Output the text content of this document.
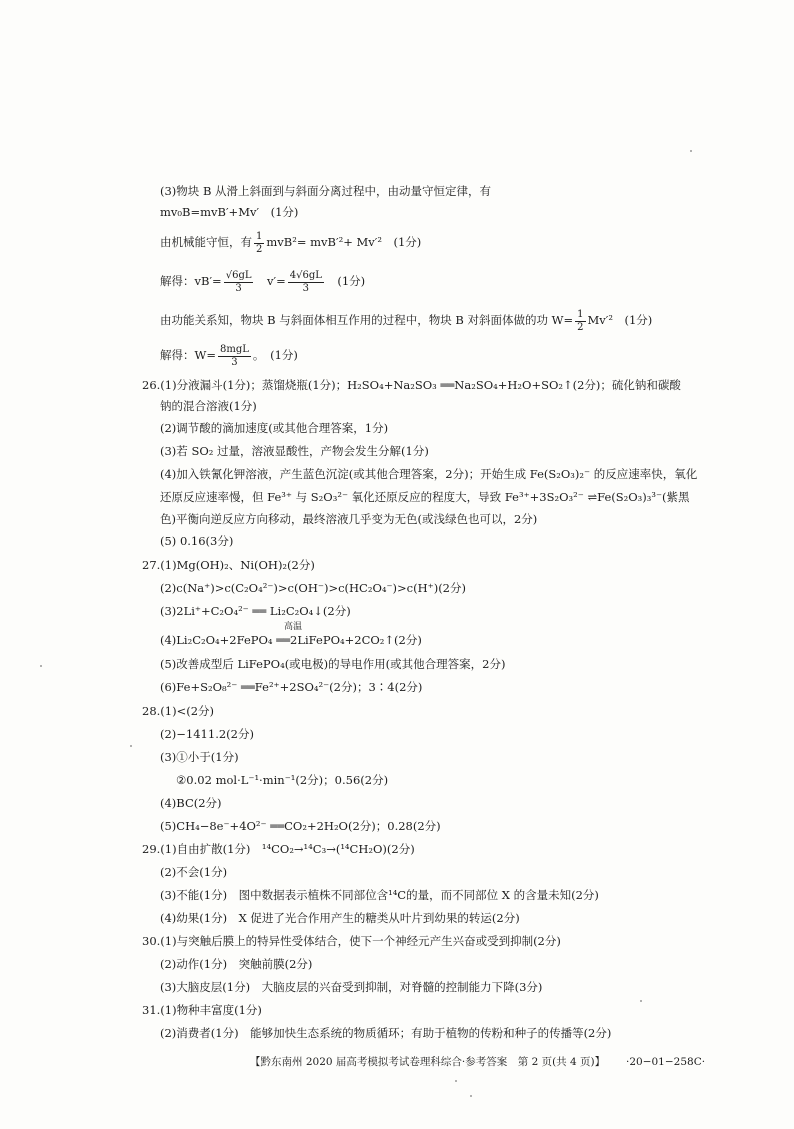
(3)物块 B 从滑上斜面到与斜面分离过程中，由动量守恒定律，有
mv₀B=mvB′+Mv′　(1分)
由机械能守恒，有 $\frac{1}{2} mvB^2= mvB'^2+ Mv'^2$　(1分)
解得：$vB'= \frac{√6gL}{3}$ 　$v'= \frac{4√6gL}{3}$ 　(1分)
由功能关系知，物块 B 与斜面体相互作用的过程中，物块 B 对斜面体做的功 $W= \frac{1}{2} Mv'^2$　(1分)
解得：$W= \frac{\text{8mgL}}{3}$ 。　(1分)
26.(1)分液漏斗(1分)；蒸馏烧瓶(1分)；H₂SO₄+Na₂SO₃ ══Na₂SO₄+H₂O+SO₂↑(2分)；硫化钠和碳酸
钠的混合溶液(1分)
(2)调节酸的滴加速度(或其他合理答案，1分)
(3)若 SO₂ 过量，溶液显酸性，产物会发生分解(1分)
(4)加入铁氰化钾溶液，产生蓝色沉淀(或其他合理答案，2分)；开始生成 Fe(S₂O₃)₂⁻ 的反应速率快，氧化
还原反应速率慢，但 Fe³⁺ 与 S₂O₃²⁻ 氧化还原反应的程度大，导致 Fe³⁺+3S₂O₃²⁻ ⇌Fe(S₂O₃)₃³⁻(紫黑
色)平衡向逆反应方向移动，最终溶液几乎变为无色(或浅绿色也可以，2分)
(5) 0.16(3分)
27.(1)Mg(OH)₂、Ni(OH)₂(2分)
(2)c(Na⁺)>c(C₂O₄²⁻)>c(OH⁻)>c(HC₂O₄⁻)>c(H⁺)(2分)
(3)2Li⁺+C₂O₄²⁻ ══ Li₂C₂O₄↓(2分)
高温
(4)Li₂C₂O₄+2FePO₄ ══2LiFePO₄+2CO₂↑(2分)
(5)改善成型后 LiFePO₄(或电极)的导电作用(或其他合理答案，2分)
(6)Fe+S₂O₈²⁻ ══Fe²⁺+2SO₄²⁻(2分)；3∶4(2分)
28.(1)<(2分)
(2)−1411.2(2分)
(3)①小于(1分)
②0.02 mol·L⁻¹·min⁻¹(2分)；0.56(2分)
(4)BC(2分)
(5)CH₄−8e⁻+4O²⁻ ══CO₂+2H₂O(2分)；0.28(2分)
29.(1)自由扩散(1分)　¹⁴CO₂→¹⁴C₃→(¹⁴CH₂O)(2分)
(2)不会(1分)
(3)不能(1分)　图中数据表示植株不同部位含¹⁴C的量，而不同部位 X 的含量未知(2分)
(4)幼果(1分)　X 促进了光合作用产生的糖类从叶片到幼果的转运(2分)
30.(1)与突触后膜上的特异性受体结合，使下一个神经元产生兴奋或受到抑制(2分)
(2)动作(1分)　突触前膜(2分)
(3)大脑皮层(1分)　大脑皮层的兴奋受到抑制，对脊髓的控制能力下降(3分)
31.(1)物种丰富度(1分)
(2)消费者(1分)　能够加快生态系统的物质循环；有助于植物的传粉和种子的传播等(2分)
【黔东南州 2020 届高考模拟考试卷理科综合·参考答案　第 2 页(共 4 页)】 ·20−01−258C·
